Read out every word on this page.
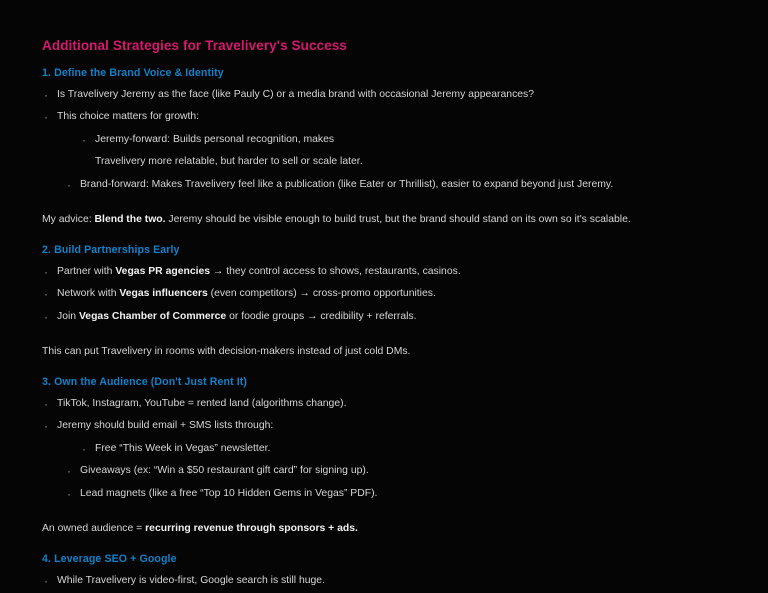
Additional Strategies for Travelivery's Success
1. Define the Brand Voice & Identity
· Is Travelivery Jeremy as the face (like Pauly C) or a media brand with occasional Jeremy appearances?
· This choice matters for growth:
· Jeremy-forward: Builds personal recognition, makes
Travelivery more relatable, but harder to sell or scale later.
· Brand-forward: Makes Travelivery feel like a publication (like Eater or Thrillist), easier to expand beyond just Jeremy.

My advice: Blend the two. Jeremy should be visible enough to build trust, but the brand should stand on its own so it's scalable.

2. Build Partnerships Early
· Partner with Vegas PR agencies → they control access to shows, restaurants, casinos.
· Network with Vegas influencers (even competitors) → cross-promo opportunities.
· Join Vegas Chamber of Commerce or foodie groups → credibility + referrals.

This can put Travelivery in rooms with decision-makers instead of just cold DMs.

3. Own the Audience (Don't Just Rent It)
· TikTok, Instagram, YouTube = rented land (algorithms change).
· Jeremy should build email + SMS lists through:
· Free “This Week in Vegas” newsletter.
· Giveaways (ex: “Win a $50 restaurant gift card” for signing up).
· Lead magnets (like a free “Top 10 Hidden Gems in Vegas” PDF).

An owned audience = recurring revenue through sponsors + ads.

4. Leverage SEO + Google
· While Travelivery is video-first, Google search is still huge.
